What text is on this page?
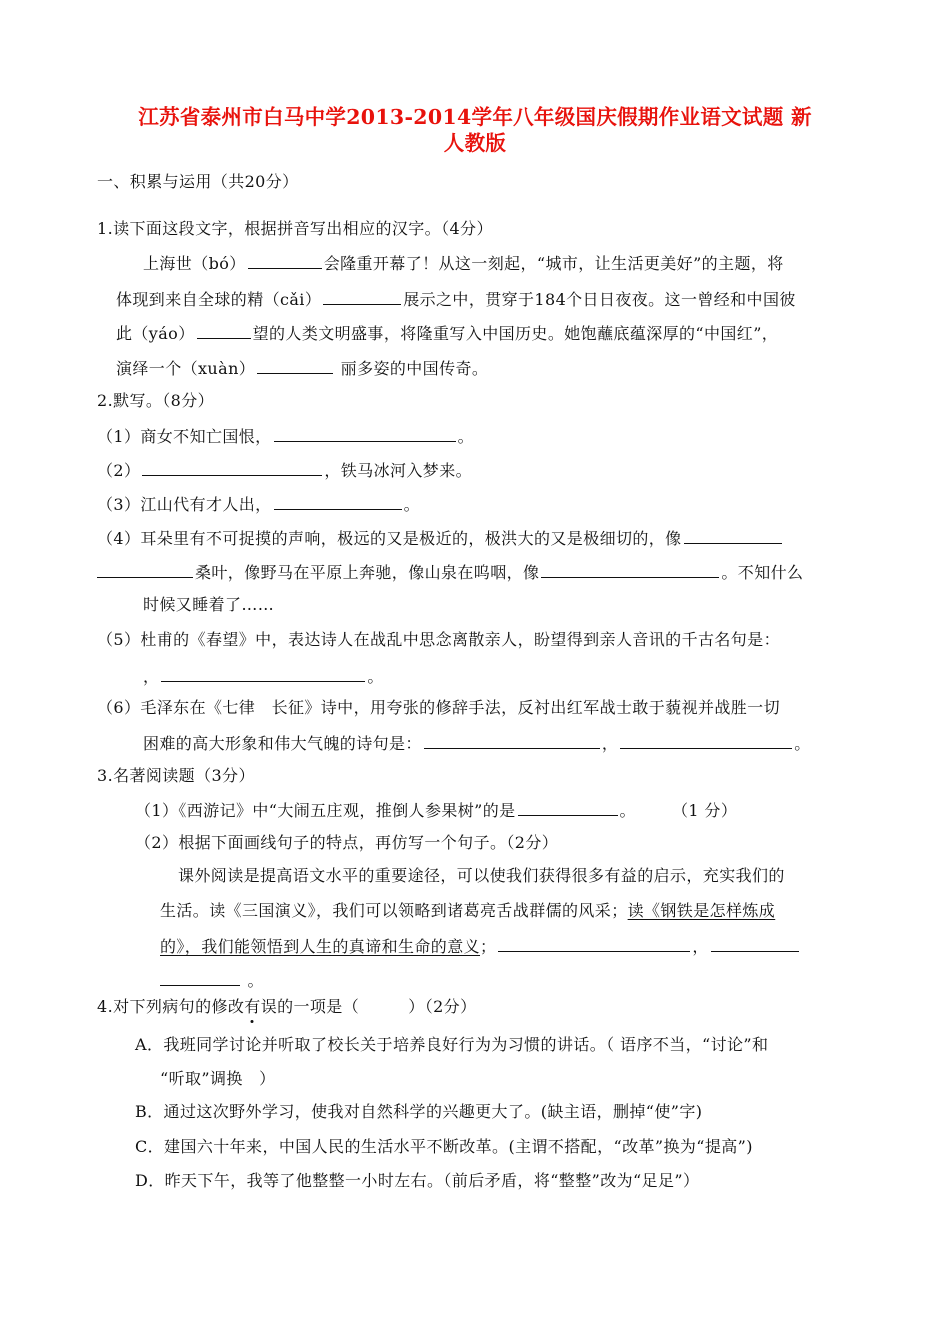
江苏省泰州市白马中学2013-2014学年八年级国庆假期作业语文试题 新
人教版
一、积累与运用（共20分）
1.读下面这段文字，根据拼音写出相应的汉字。（4分）
上海世（bó）	会隆重开幕了！从这一刻起，“城市，让生活更美好”的主题，将
体现到来自全球的精（cǎi）	展示之中，贯穿于184个日日夜夜。这一曾经和中国彼
此（yáo）	望的人类文明盛事，将隆重写入中国历史。她饱蘸底蕴深厚的“中国红”，
演绎一个（xuàn）	丽多姿的中国传奇。
2.默写。（8分）
（1）商女不知亡国恨，	。
（2）	，铁马冰河入梦来。
（3）江山代有才人出，	。
（4）耳朵里有不可捉摸的声响，极远的又是极近的，极洪大的又是极细切的，像
桑叶，像野马在平原上奔驰，像山泉在呜咽，像	。不知什么
时候又睡着了……
（5）杜甫的《春望》中，表达诗人在战乱中思念离散亲人，盼望得到亲人音讯的千古名句是：
，	。
（6）毛泽东在《七律　长征》诗中，用夸张的修辞手法，反衬出红军战士敢于藐视并战胜一切
困难的高大形象和伟大气魄的诗句是：	，	。
3.名著阅读题（3分）
（1）《西游记》中“大闹五庄观，推倒人参果树”的是	。 （1 分）
（2）根据下面画线句子的特点，再仿写一个句子。（2分）
课外阅读是提高语文水平的重要途径，可以使我们获得很多有益的启示，充实我们的
生活。读《三国演义》，我们可以领略到诸葛亮舌战群儒的风采；读《钢铁是怎样炼成
的》，我们能领悟到人生的真谛和生命的意义；	，
。
4.对下列病句的修改有误的一项是（　　　）（2分）
A．我班同学讨论并听取了校长关于培养良好行为为习惯的讲话。（ 语序不当，“讨论”和
“听取”调换　）
B．通过这次野外学习，使我对自然科学的兴趣更大了。(缺主语，删掉“使”字)
C．建国六十年来，中国人民的生活水平不断改革。(主谓不搭配，“改革”换为“提高”)
D．昨天下午，我等了他整整一小时左右。（前后矛盾，将“整整”改为“足足”）
